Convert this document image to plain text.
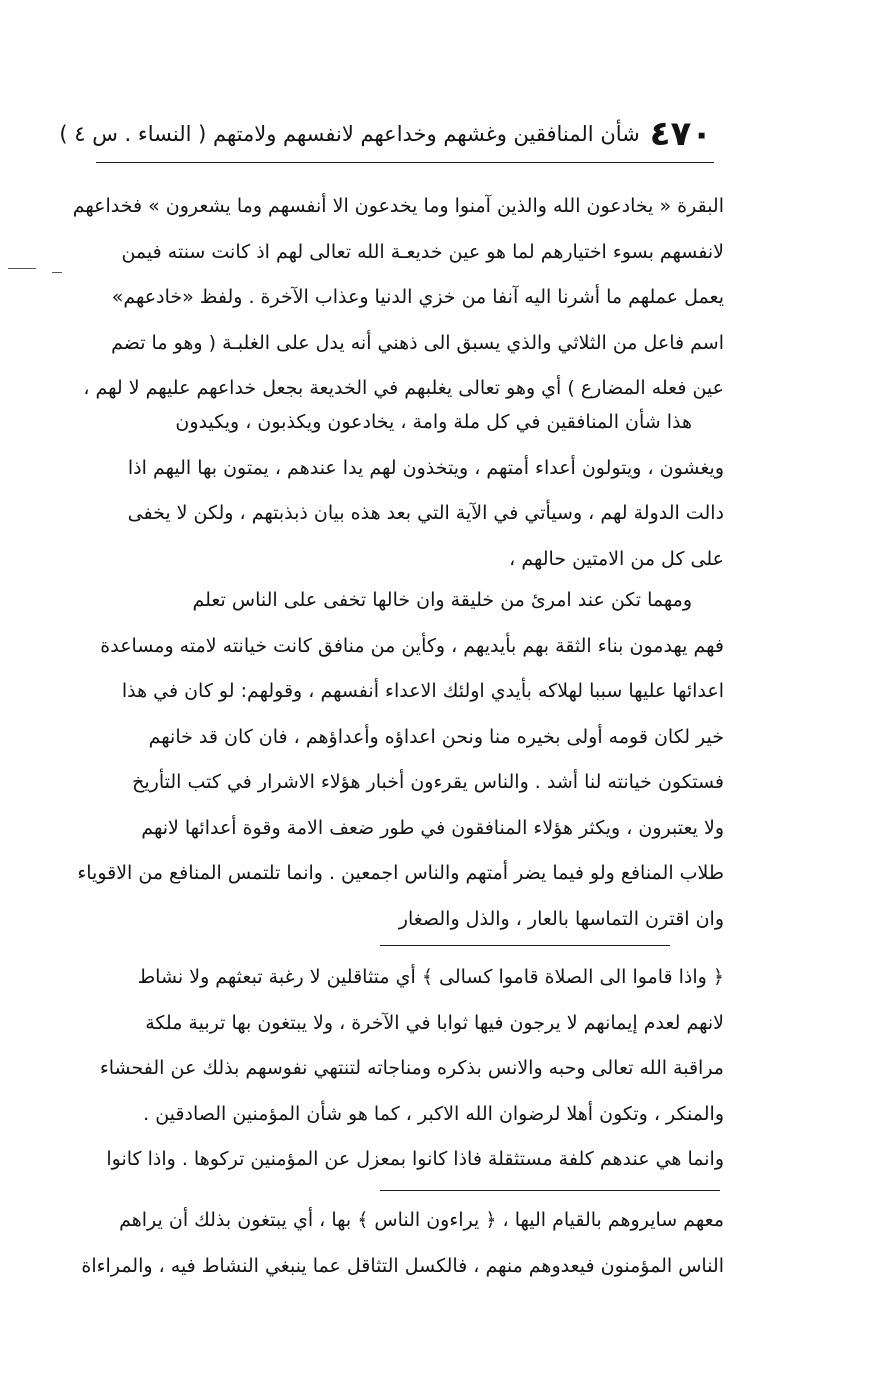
٤٧٠
شأن المنافقين وغشهم وخداعهم لانفسهم ولامتهم ( النساء . س ٤ )
البقرة « يخادعون الله والذين آمنوا وما يخدعون الا أنفسهم وما يشعرون » فخداعهم
لانفسهم بسوء اختيارهم لما هو عين خديعـة الله تعالى لهم اذ كانت سنته فيمن
يعمل عملهم ما أشرنا اليه آنفا من خزي الدنيا وعذاب الآخرة . ولفظ «خادعهم»
اسم فاعل من الثلاثي والذي يسبق الى ذهني أنه يدل على الغلبـة ( وهو ما تضم
عين فعله المضارع ) أي وهو تعالى يغلبهم في الخديعة بجعل خداعهم عليهم لا لهم ،
هذا شأن المنافقين في كل ملة وامة ، يخادعون ويكذبون ، ويكيدون
ويغشون ، ويتولون أعداء أمتهم ، ويتخذون لهم يدا عندهم ، يمتون بها اليهم اذا
دالت الدولة لهم ، وسيأتي في الآية التي بعد هذه بيان ذبذبتهم ، ولكن لا يخفى
على كل من الامتين حالهم ،
ومهما تكن عند امرئ من خليقة وان خالها تخفى على الناس تعلم
فهم يهدمون بناء الثقة بهم بأيديهم ، وكأين من منافق كانت خيانته لامته ومساعدة
اعدائها عليها سببا لهلاكه بأيدي اولئك الاعداء أنفسهم ، وقولهم: لو كان في هذا
خير لكان قومه أولى بخيره منا ونحن اعداؤه وأعداؤهم ، فان كان قد خانهم
فستكون خيانته لنا أشد . والناس يقرءون أخبار هؤلاء الاشرار في كتب التأريخ
ولا يعتبرون ، ويكثر هؤلاء المنافقون في طور ضعف الامة وقوة أعدائها لانهم
طلاب المنافع ولو فيما يضر أمتهم والناس اجمعين . وانما تلتمس المنافع من الاقوياء
وان اقترن التماسها بالعار ، والذل والصغار
﴿ واذا قاموا الى الصلاة قاموا كسالى ﴾ أي متثاقلين لا رغبة تبعثهم ولا نشاط
لانهم لعدم إيمانهم لا يرجون فيها ثوابا في الآخرة ، ولا يبتغون بها تربية ملكة
مراقبة الله تعالى وحبه والانس بذكره ومناجاته لتنتهي نفوسهم بذلك عن الفحشاء
والمنكر ، وتكون أهلا لرضوان الله الاكبر ، كما هو شأن المؤمنين الصادقين .
وانما هي عندهم كلفة مستثقلة فاذا كانوا بمعزل عن المؤمنين تركوها . واذا كانوا
معهم سايروهم بالقيام اليها ، ﴿ يراءون الناس ﴾ بها ، أي يبتغون بذلك أن يراهم
الناس المؤمنون فيعدوهم منهم ، فالكسل التثاقل عما ينبغي النشاط فيه ، والمراءاة
